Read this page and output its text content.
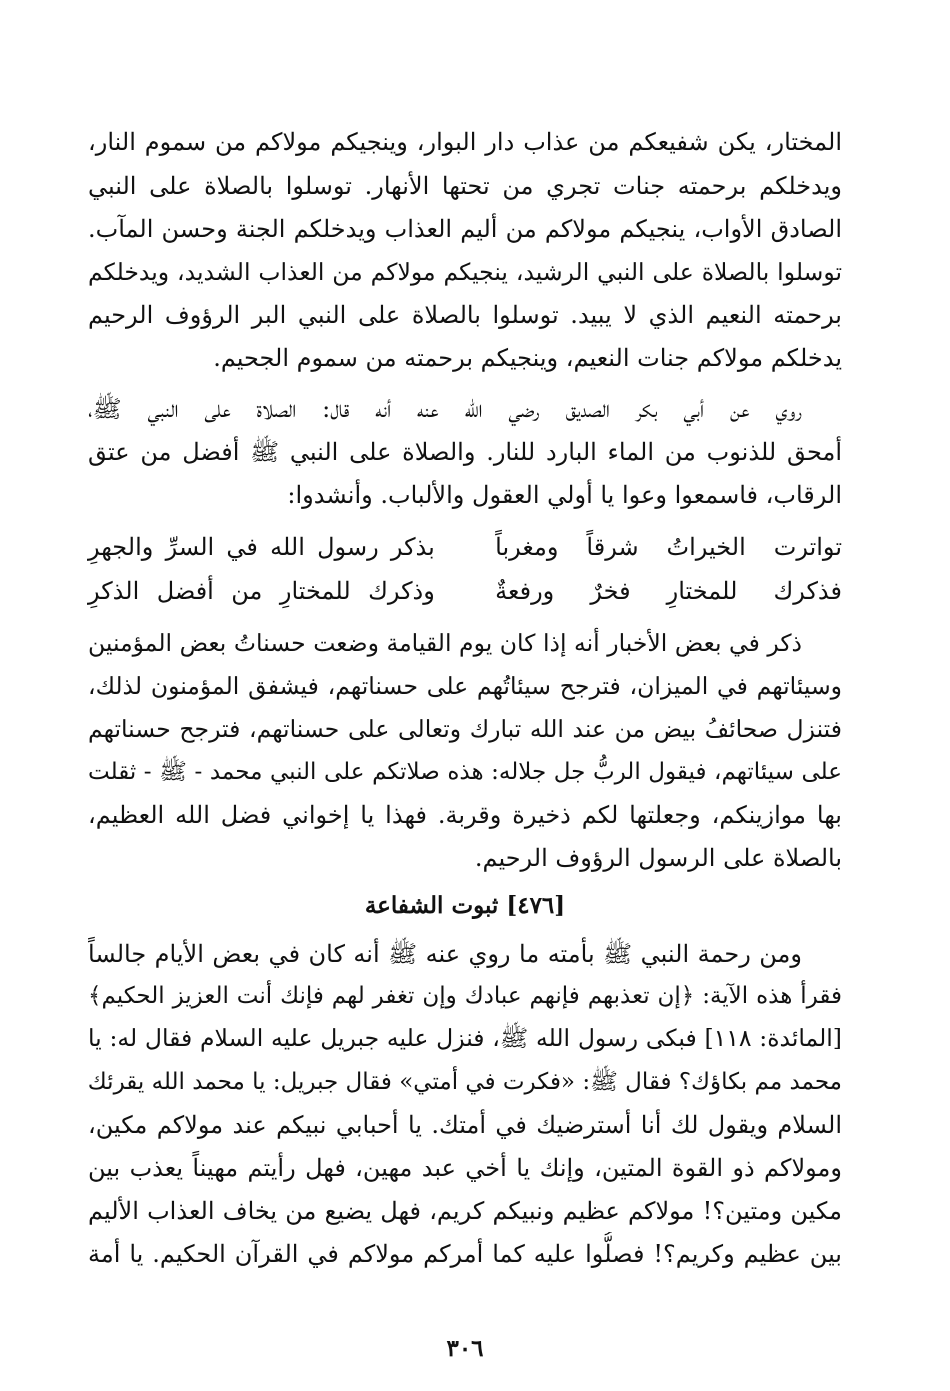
المختار، يكن شفيعكم من عذاب دار البوار، وينجيكم مولاكم من سموم النار،
ويدخلكم برحمته جنات تجري من تحتها الأنهار. توسلوا بالصلاة على النبي
الصادق الأواب، ينجيكم مولاكم من أليم العذاب ويدخلكم الجنة وحسن المآب.
توسلوا بالصلاة على النبي الرشيد، ينجيكم مولاكم من العذاب الشديد، ويدخلكم
برحمته النعيم الذي لا يبيد. توسلوا بالصلاة على النبي البر الرؤوف الرحيم
يدخلكم مولاكم جنات النعيم، وينجيكم برحمته من سموم الجحيم.
روي عن أبي بكر الصديق رضي الله عنه أنه قال: الصلاة على النبي ﷺ،
أمحق للذنوب من الماء البارد للنار. والصلاة على النبي ﷺ أفضل من عتق
الرقاب، فاسمعوا وعوا يا أولي العقول والألباب. وأنشدوا:
تواترت الخيراتُ شرقاً ومغرباً
بذكر رسول الله في السرِّ والجهرِ
فذكرك للمختارِ فخرٌ ورفعةٌ
وذكرك للمختارِ من أفضل الذكرِ
ذكر في بعض الأخبار أنه إذا كان يوم القيامة وضعت حسناتُ بعض المؤمنين
وسيئاتهم في الميزان، فترجح سيئاتُهم على حسناتهم، فيشفق المؤمنون لذلك،
فتنزل صحائفُ بيض من عند الله تبارك وتعالى على حسناتهم، فترجح حسناتهم
على سيئاتهم، فيقول الربُّ جل جلاله: هذه صلاتكم على النبي محمد - ﷺ - ثقلت
بها موازينكم، وجعلتها لكم ذخيرة وقربة. فهذا يا إخواني فضل الله العظيم،
بالصلاة على الرسول الرؤوف الرحيم.
[٤٧٦] ثبوت الشفاعة
ومن رحمة النبي ﷺ بأمته ما روي عنه ﷺ أنه كان في بعض الأيام جالساً
فقرأ هذه الآية: ﴿إن تعذبهم فإنهم عبادك وإن تغفر لهم فإنك أنت العزيز الحكيم﴾
[المائدة: ١١٨] فبكى رسول الله ﷺ، فنزل عليه جبريل عليه السلام فقال له: يا
محمد مم بكاؤك؟ فقال ﷺ: «فكرت في أمتي» فقال جبريل: يا محمد الله يقرئك
السلام ويقول لك أنا أسترضيك في أمتك. يا أحبابي نبيكم عند مولاكم مكين،
ومولاكم ذو القوة المتين، وإنك يا أخي عبد مهين، فهل رأيتم مهيناً يعذب بين
مكين ومتين؟! مولاكم عظيم ونبيكم كريم، فهل يضيع من يخاف العذاب الأليم
بين عظيم وكريم؟! فصلُّوا عليه كما أمركم مولاكم في القرآن الحكيم. يا أمة
٣٠٦
